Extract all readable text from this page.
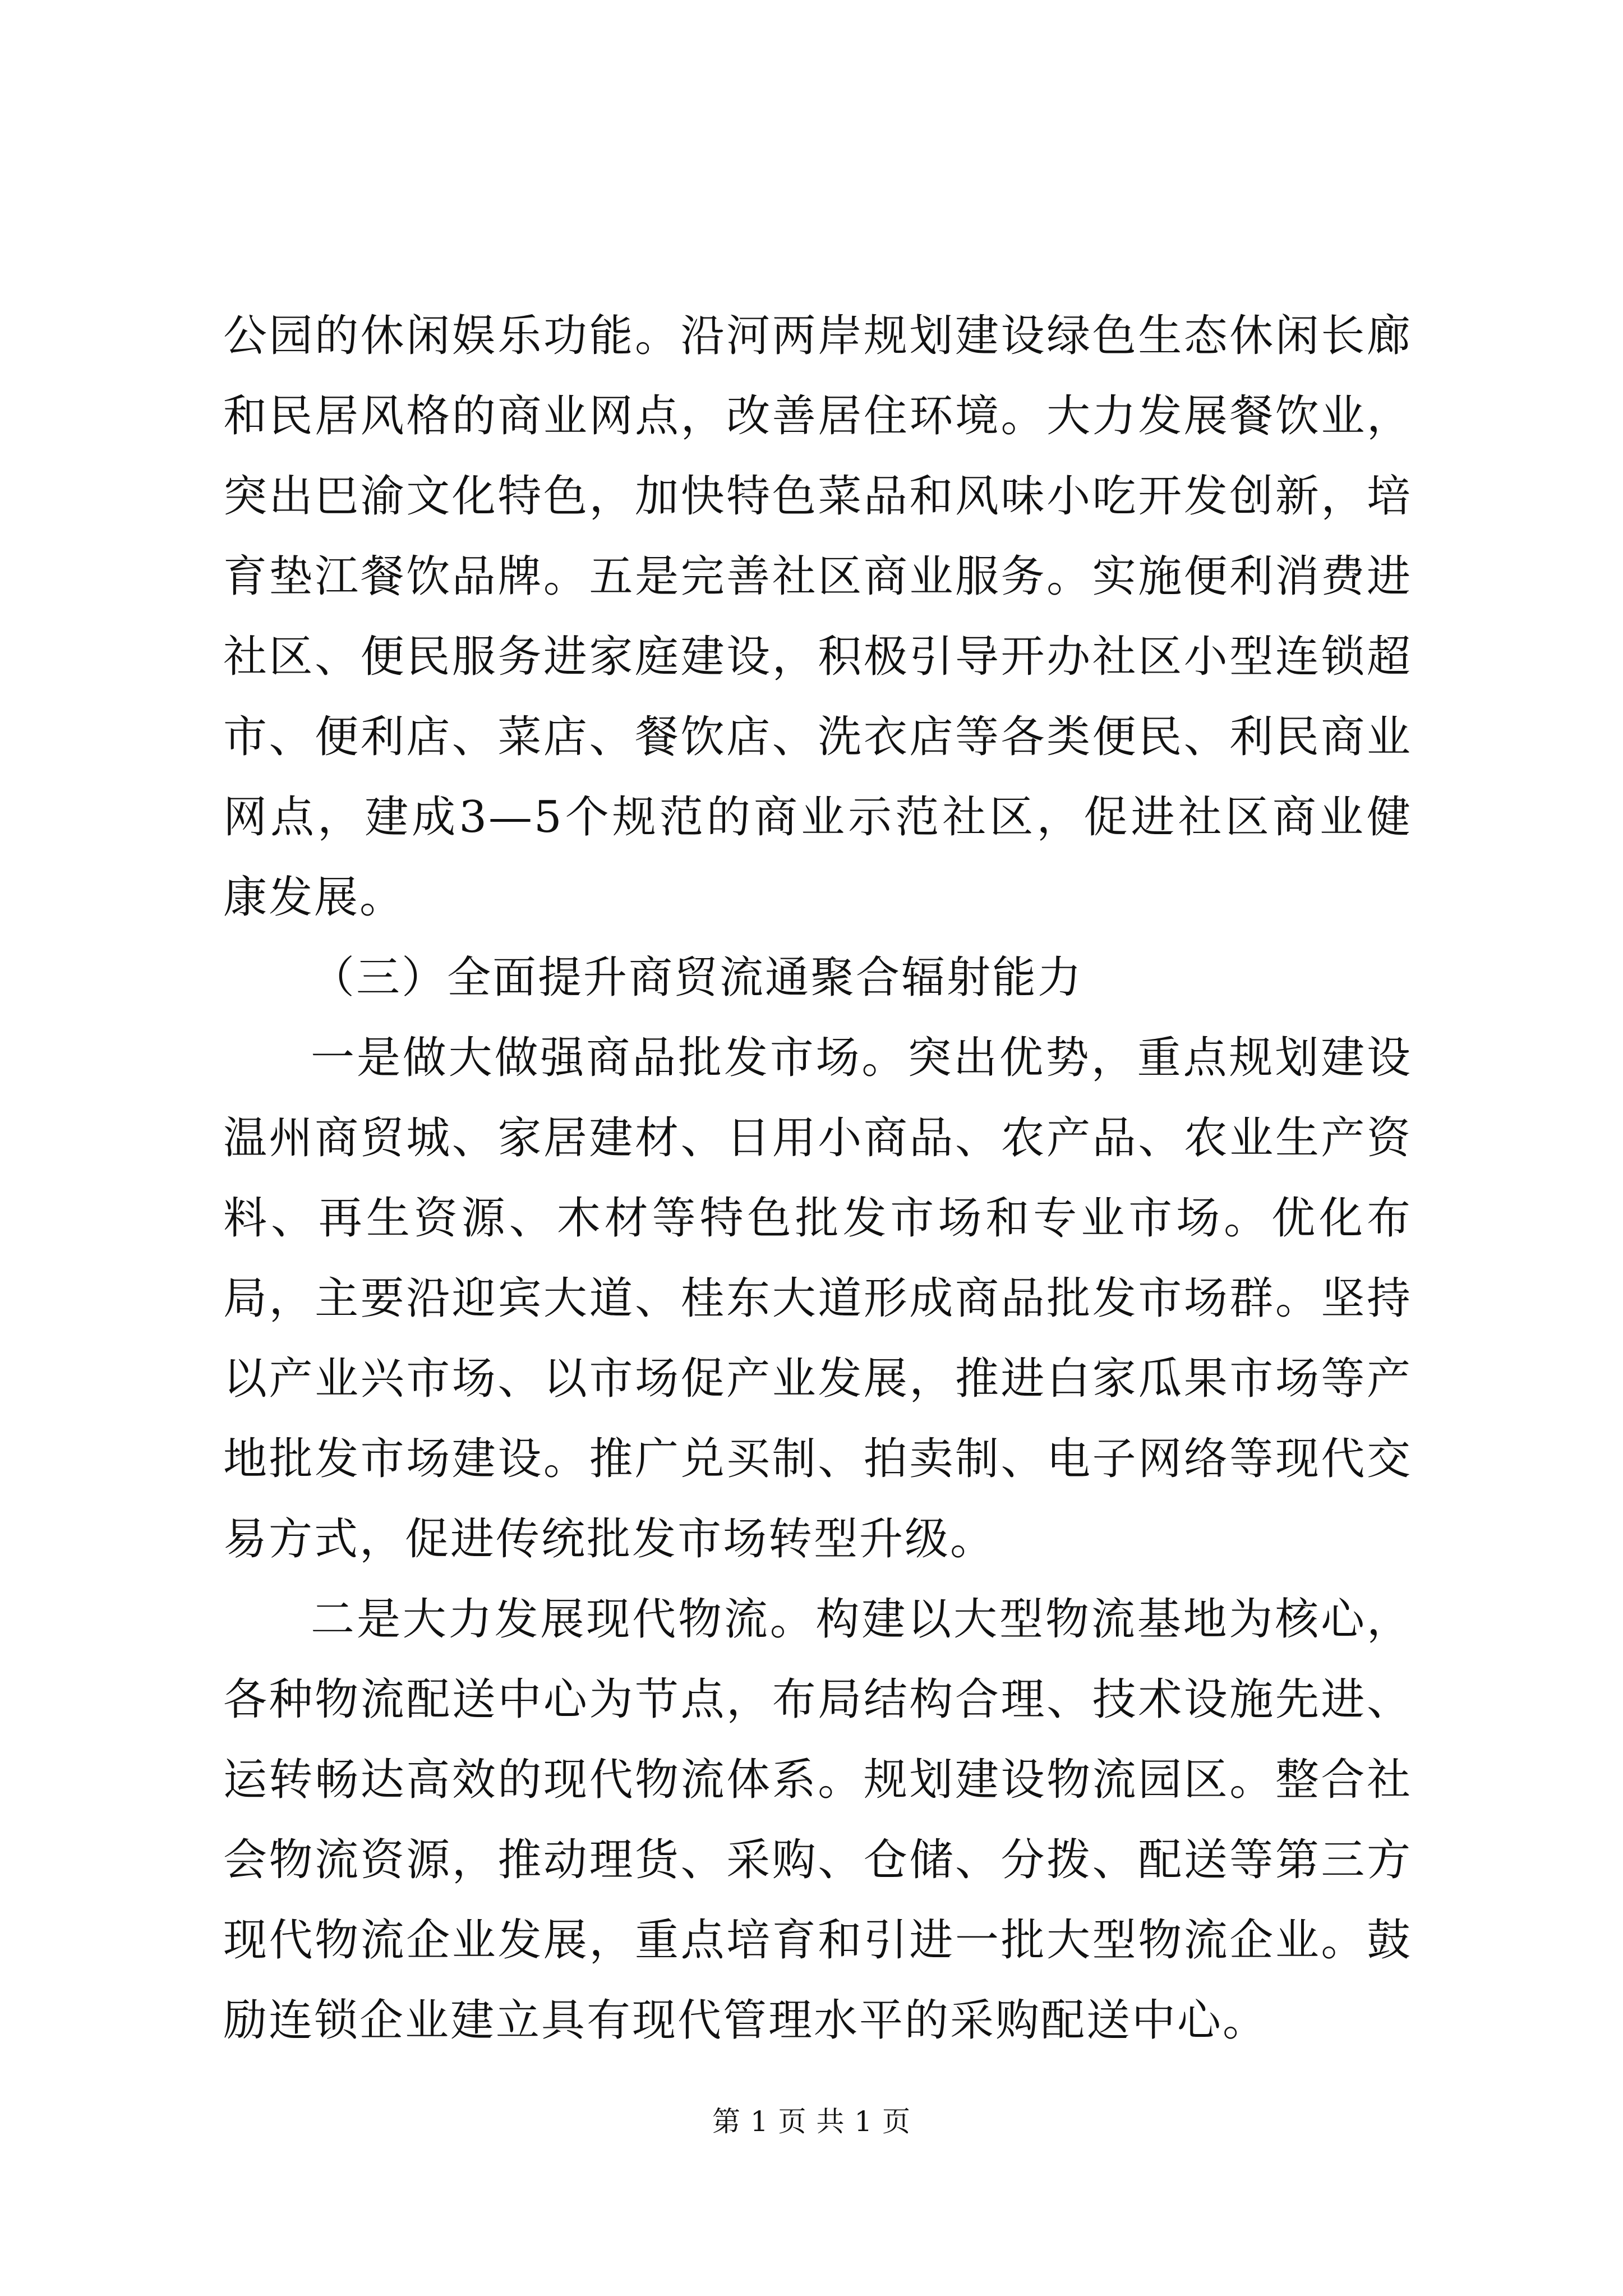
公园的休闲娱乐功能。沿河两岸规划建设绿色生态休闲长廊和民居风格的商业网点，改善居住环境。大力发展餐饮业，突出巴渝文化特色，加快特色菜品和风味小吃开发创新，培育垫江餐饮品牌。五是完善社区商业服务。实施便利消费进社区、便民服务进家庭建设，积极引导开办社区小型连锁超市、便利店、菜店、餐饮店、洗衣店等各类便民、利民商业网点，建成3—5个规范的商业示范社区，促进社区商业健康发展。

（三）全面提升商贸流通聚合辐射能力

一是做大做强商品批发市场。突出优势，重点规划建设温州商贸城、家居建材、日用小商品、农产品、农业生产资料、再生资源、木材等特色批发市场和专业市场。优化布局，主要沿迎宾大道、桂东大道形成商品批发市场群。坚持以产业兴市场、以市场促产业发展，推进白家瓜果市场等产地批发市场建设。推广兑买制、拍卖制、电子网络等现代交易方式，促进传统批发市场转型升级。

二是大力发展现代物流。构建以大型物流基地为核心，各种物流配送中心为节点，布局结构合理、技术设施先进、运转畅达高效的现代物流体系。规划建设物流园区。整合社会物流资源，推动理货、采购、仓储、分拨、配送等第三方现代物流企业发展，重点培育和引进一批大型物流企业。鼓励连锁企业建立具有现代管理水平的采购配送中心。

第 1 页 共 1 页
